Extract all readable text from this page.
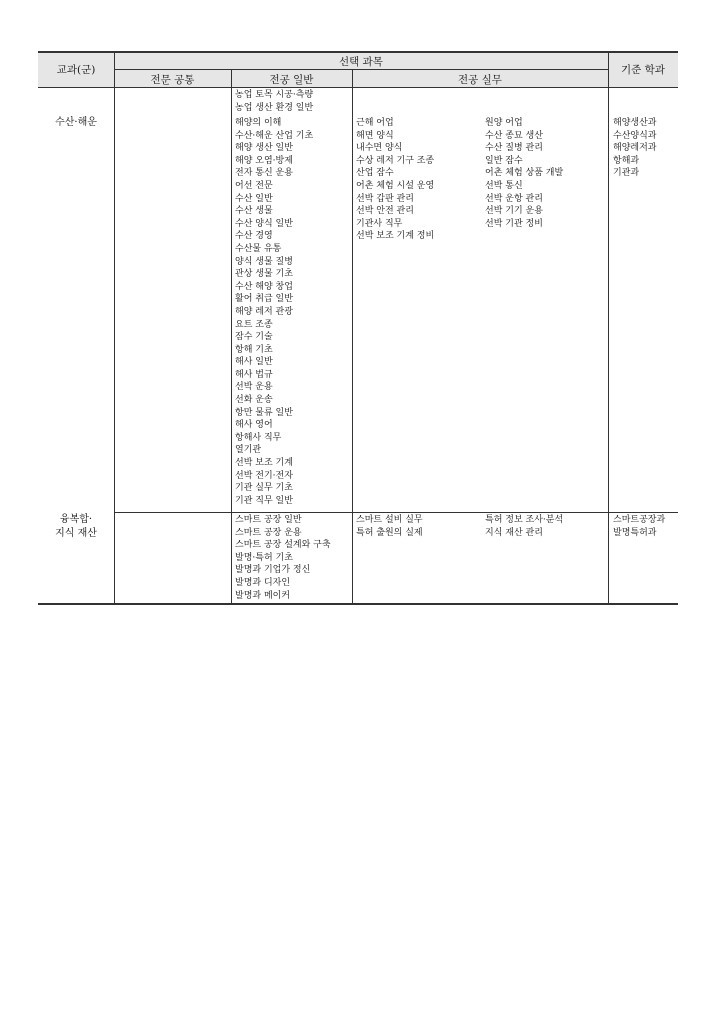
교과(군)
선택 과목
전문 공통	전공 일반	전공 실무
기준 학과
수산·해운
농업 토목 시공·측량
농업 생산 환경 일반
해양의 이해
수산·해운 산업 기초
해양 생산 일반
해양 오염·방제
전자 통신 운용
어선 전문
수산 일반
수산 생물
수산 양식 일반
수산 경영
수산물 유통
양식 생물 질병
관상 생물 기초
수산 해양 창업
활어 취급 일반
해양 레저 관광
요트 조종
잠수 기술
항해 기초
해사 일반
해사 법규
선박 운용
선화 운송
항만 물류 일반
해사 영어
항해사 직무
열기관
선박 보조 기계
선박 전기·전자
기관 실무 기초
기관 직무 일반
근해 어업
해면 양식
내수면 양식
수상 레저 기구 조종
산업 잠수
어촌 체험 시설 운영
선박 갑판 관리
선박 안전 관리
기관사 직무
선박 보조 기계 정비
원양 어업
수산 종묘 생산
수산 질병 관리
일반 잠수
어촌 체험 상품 개발
선박 통신
선박 운항 관리
선박 기기 운용
선박 기관 정비
해양생산과
수산양식과
해양레저과
항해과
기관과
융복합·
지식 재산
스마트 공장 일반
스마트 공장 운용
스마트 공장 설계와 구축
발명·특허 기초
발명과 기업가 정신
발명과 디자인
발명과 메이커
스마트 설비 실무
특허 출원의 실제
특허 정보 조사·분석
지식 재산 관리
스마트공장과
발명특허과
